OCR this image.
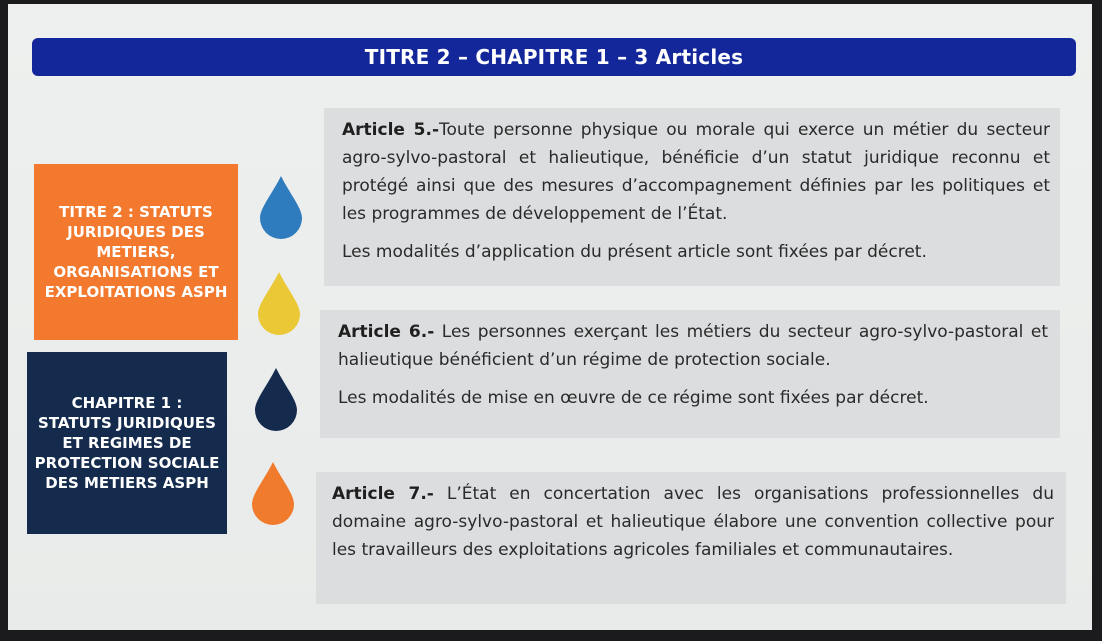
TITRE 2 – CHAPITRE 1 – 3 Articles
TITRE 2 : STATUTS JURIDIQUES DES METIERS, ORGANISATIONS ET EXPLOITATIONS ASPH
CHAPITRE 1 : STATUTS JURIDIQUES ET REGIMES DE PROTECTION SOCIALE DES METIERS ASPH

Article 5.-Toute personne physique ou morale qui exerce un métier du secteur agro-sylvo-pastoral et halieutique, bénéficie d’un statut juridique reconnu et protégé ainsi que des mesures d’accompagnement définies par les politiques et les programmes de développement de l’État.

Les modalités d’application du présent article sont fixées par décret.

Article 6.- Les personnes exerçant les métiers du secteur agro-sylvo-pastoral et halieutique bénéficient d’un régime de protection sociale.

Les modalités de mise en œuvre de ce régime sont fixées par décret.

Article 7.- L’État en concertation avec les organisations professionnelles du domaine agro-sylvo-pastoral et halieutique élabore une convention collective pour les travailleurs des exploitations agricoles familiales et communautaires.
